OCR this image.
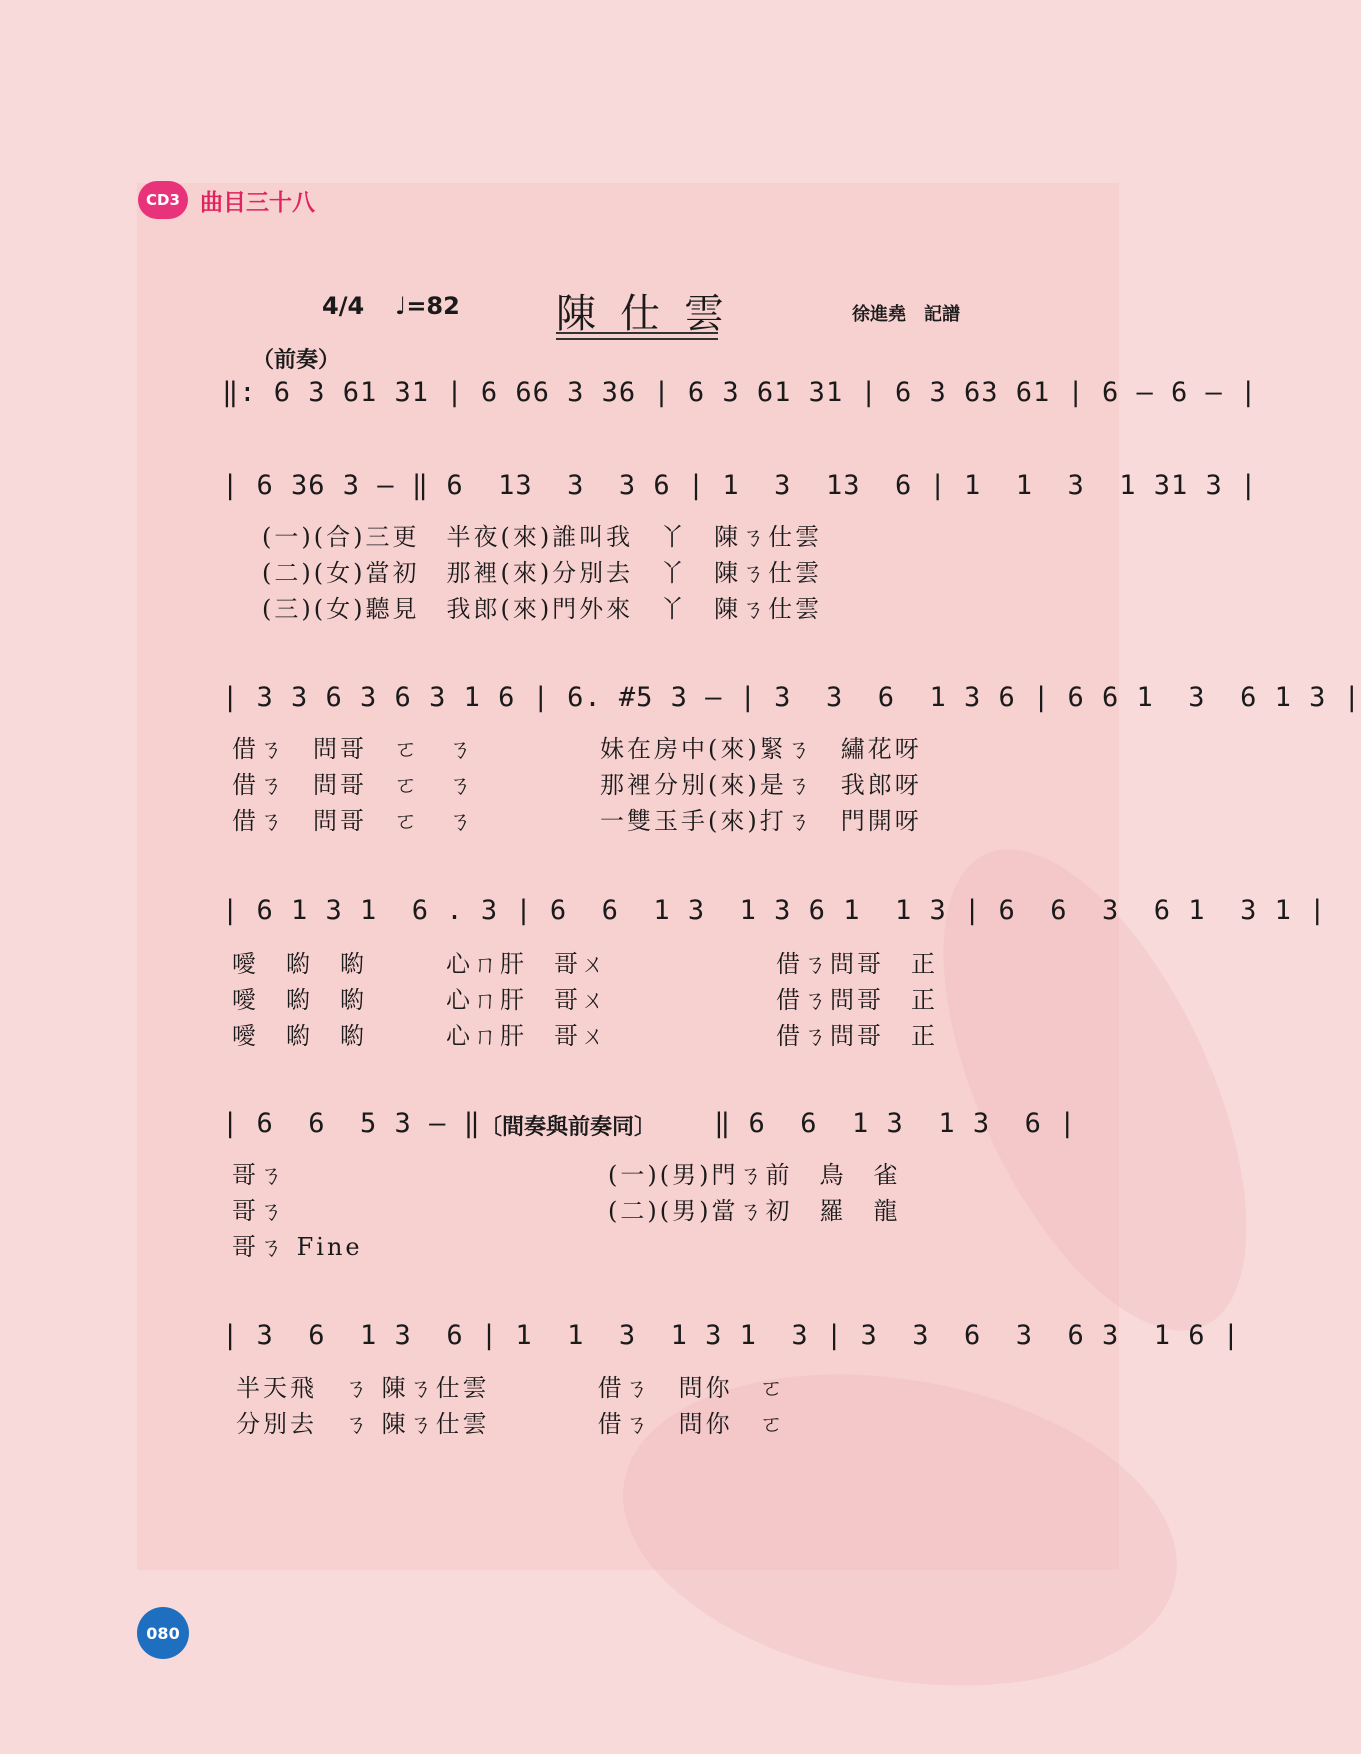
CD3 曲目三十八
4/4 ♩=82 陳仕雲	徐進堯　記譜
（前奏）
‖: 6 3 61 31 | 6 66 3 36 | 6 3 61 31 | 6 3 63 61 | 6 — 6 — |
| 6 36 3 — ‖ 6  13  3  3 6 | 1  3  13  6 | 1  1  3  1 31 3 |
(一)(合)三更　半夜(來)誰叫我　丫　陳ㄋ仕雲
(二)(女)當初　那裡(來)分別去　丫　陳ㄋ仕雲
(三)(女)聽見　我郎(來)門外來　丫　陳ㄋ仕雲
| 3 3 6 3 6 3 1 6 | 6. #5 3 — | 3  3  6  1 3 6 | 6 6 1  3  6 1 3 |
借ㄋ　問哥　ㄛ　ㄋ
借ㄋ　問哥　ㄛ　ㄋ
借ㄋ　問哥　ㄛ　ㄋ
妹在房中(來)緊ㄋ　繡花呀
那裡分別(來)是ㄋ　我郎呀
一雙玉手(來)打ㄋ　門開呀
| 6 1 3 1  6 . 3 | 6  6  1 3  1 3 6 1  1 3 | 6  6  3  6 1  3 1 |
噯　喲　喲
噯　喲　喲
噯　喲　喲
心ㄇ肝　哥ㄨ
心ㄇ肝　哥ㄨ
心ㄇ肝　哥ㄨ
借ㄋ問哥　正
借ㄋ問哥　正
借ㄋ問哥　正
| 6  6  5 3 — ‖ 〔間奏與前奏同〕 ‖ 6  6  1 3  1 3  6 |
哥ㄋ
哥ㄋ
哥ㄋ Fine
(一)(男)門ㄋ前　鳥　雀
(二)(男)當ㄋ初　羅　龍
| 3  6  1 3  6 | 1  1  3  1 3 1  3 | 3  3  6  3  6 3  1 6 |
半天飛　ㄋ 陳ㄋ仕雲　　　　借ㄋ　問你　ㄛ
分別去　ㄋ 陳ㄋ仕雲　　　　借ㄋ　問你　ㄛ
080
